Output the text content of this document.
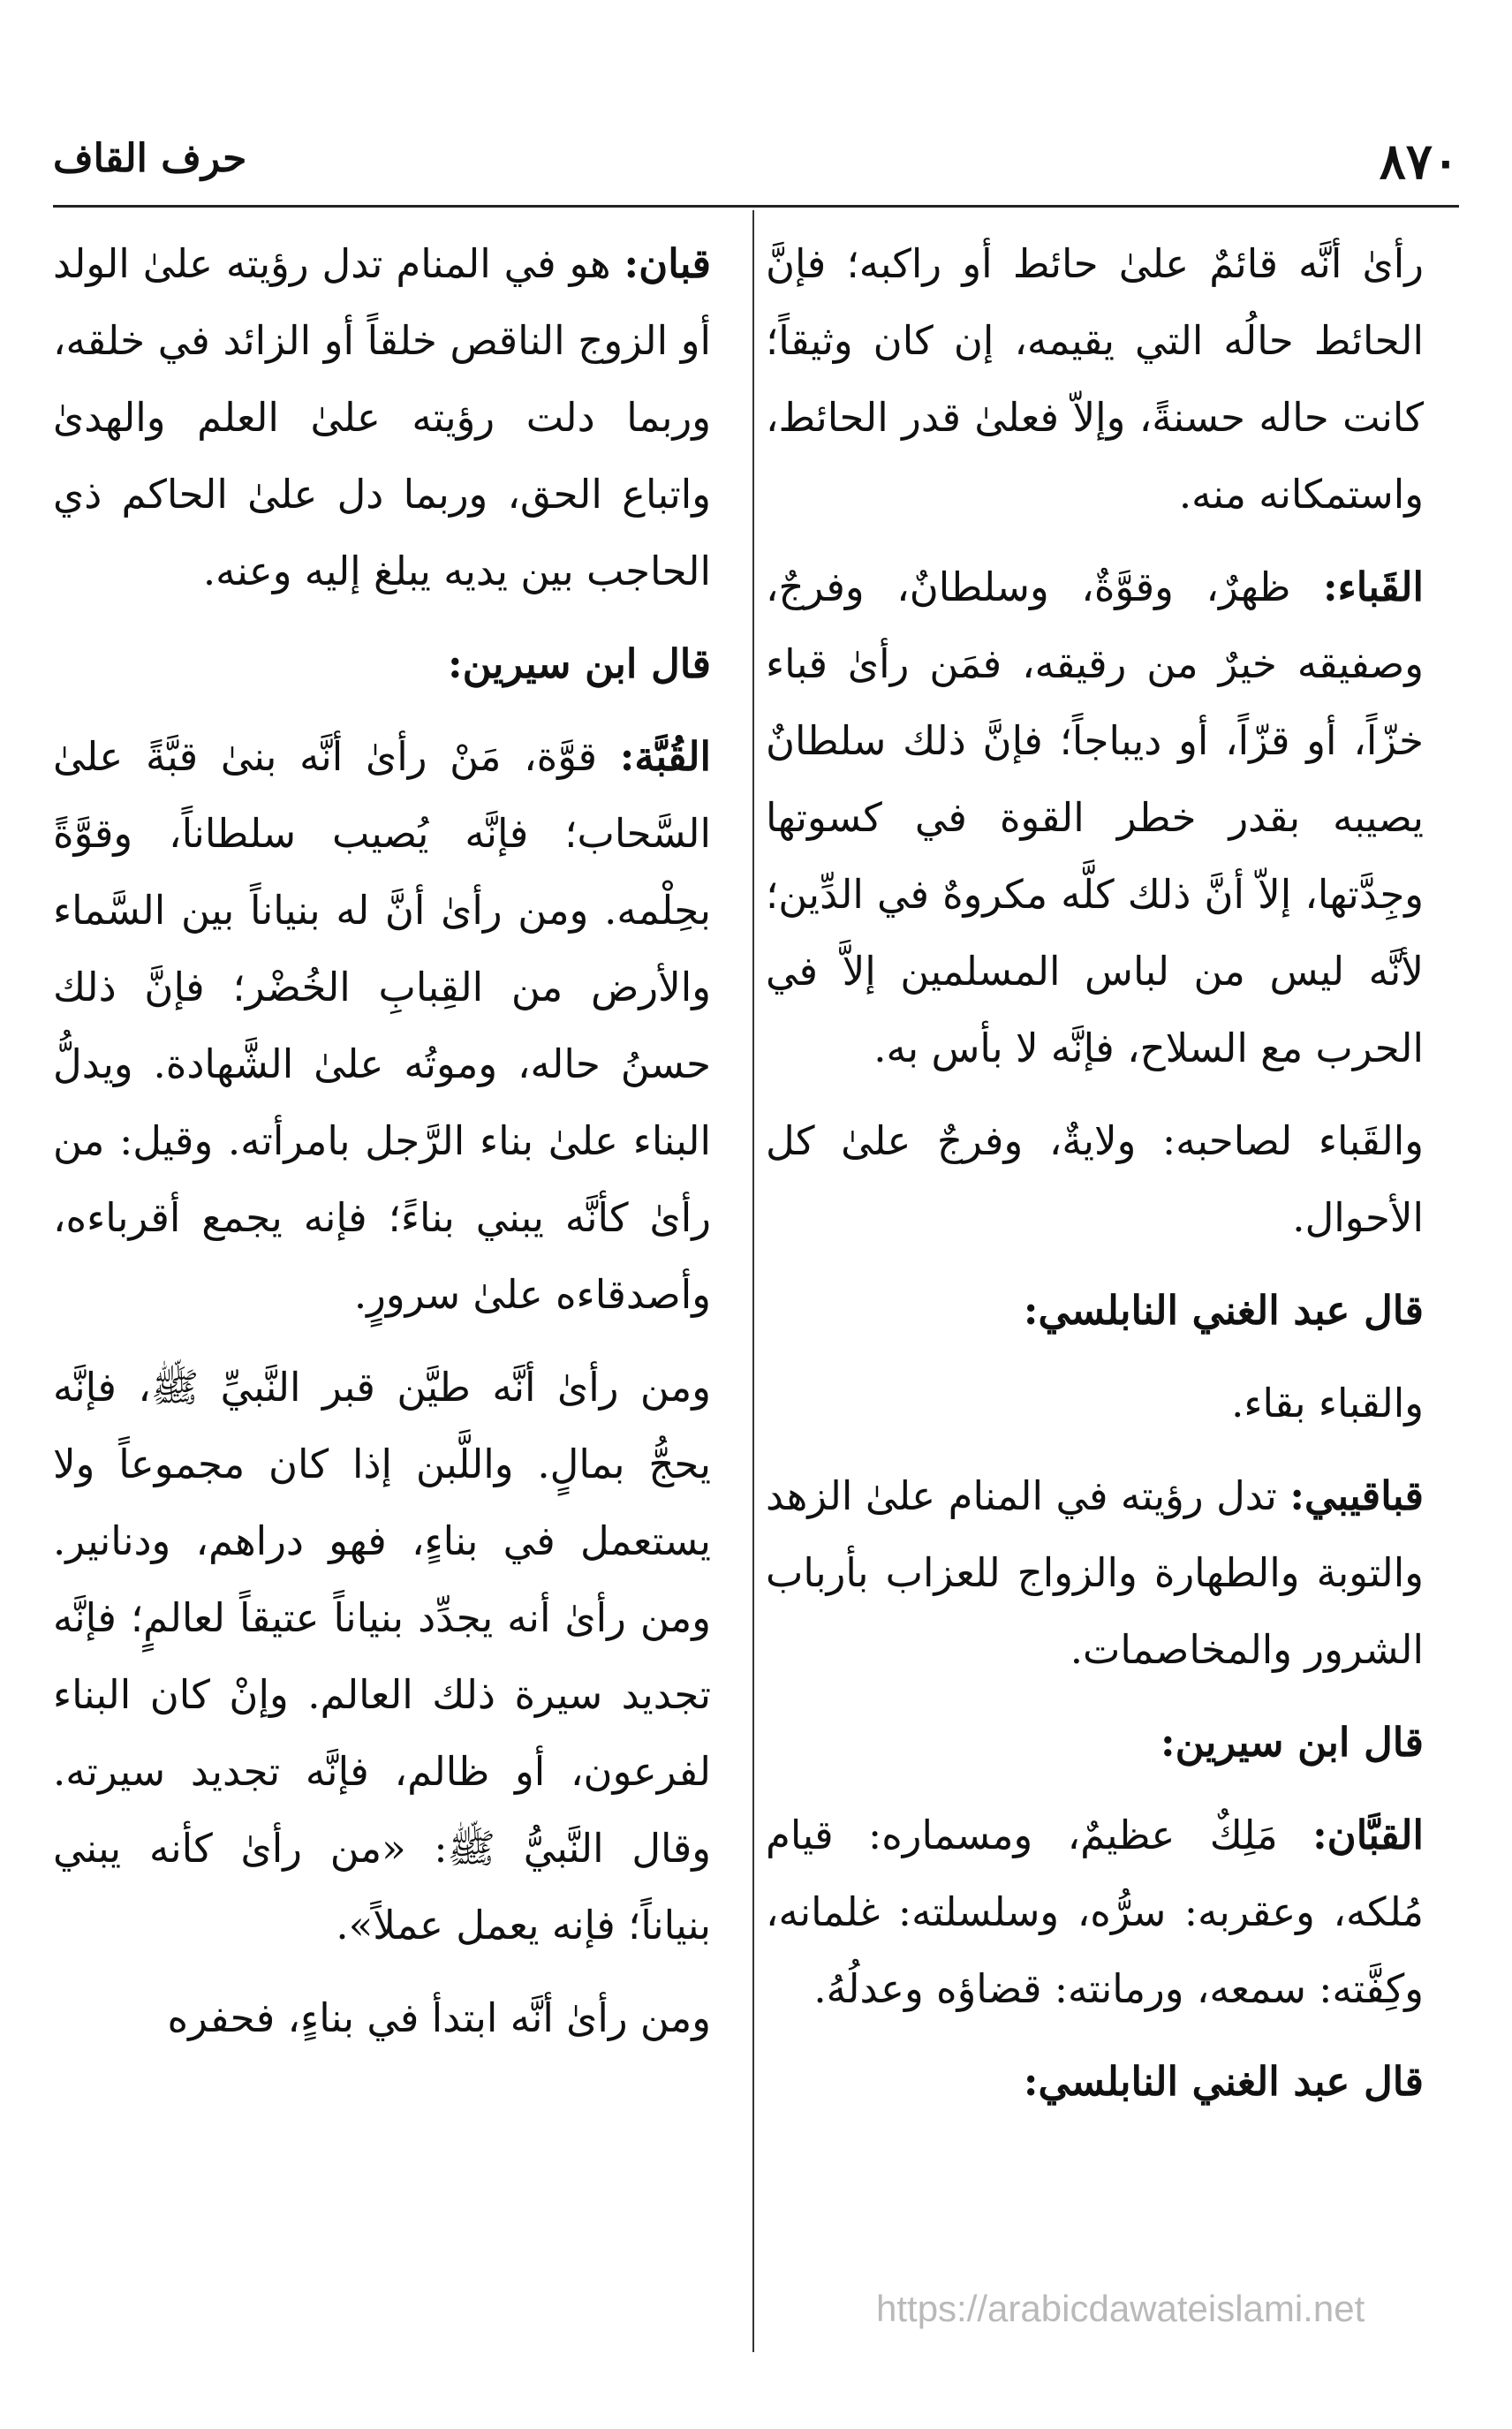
٨٧٠
حرف القاف

رأىٰ أنَّه قائمٌ علىٰ حائط أو راكبه؛ فإنَّ الحائط حالُه التي يقيمه، إن كان وثيقاً؛ كانت حاله حسنةً، وإلاّ فعلىٰ قدر الحائط، واستمكانه منه.

القَباء: ظهرٌ، وقوَّةٌ، وسلطانٌ، وفرجٌ، وصفيقه خيرٌ من رقيقه، فمَن رأىٰ قباء خزّاً، أو قزّاً، أو ديباجاً؛ فإنَّ ذلك سلطانٌ يصيبه بقدر خطر القوة في كسوتها وجِدَّتها، إلاّ أنَّ ذلك كلَّه مكروهٌ في الدِّين؛ لأنَّه ليس من لباس المسلمين إلاَّ في الحرب مع السلاح، فإنَّه لا بأس به.

والقَباء لصاحبه: ولايةٌ، وفرجٌ علىٰ كل الأحوال.

قال عبد الغني النابلسي:

والقباء بقاء.

قباقيبي: تدل رؤيته في المنام علىٰ الزهد والتوبة والطهارة والزواج للعزاب بأرباب الشرور والمخاصمات.

قال ابن سيرين:

القبَّان: مَلِكٌ عظيمٌ، ومسماره: قيام مُلكه، وعقربه: سرُّه، وسلسلته: غلمانه، وكِفَّته: سمعه، ورمانته: قضاؤه وعدلُهُ.

قال عبد الغني النابلسي:

قبان: هو في المنام تدل رؤيته علىٰ الولد أو الزوج الناقص خلقاً أو الزائد في خلقه، وربما دلت رؤيته علىٰ العلم والهدىٰ واتباع الحق، وربما دل علىٰ الحاكم ذي الحاجب بين يديه يبلغ إليه وعنه.

قال ابن سيرين:

القُبَّة: قوَّة، مَنْ رأىٰ أنَّه بنىٰ قبَّةً علىٰ السَّحاب؛ فإنَّه يُصيب سلطاناً، وقوَّةً بحِلْمه. ومن رأىٰ أنَّ له بنياناً بين السَّماء والأرض من القِبابِ الخُضْر؛ فإنَّ ذلك حسنُ حاله، وموتُه علىٰ الشَّهادة. ويدلُّ البناء علىٰ بناء الرَّجل بامرأته. وقيل: من رأىٰ كأنَّه يبني بناءً؛ فإنه يجمع أقرباءه، وأصدقاءه علىٰ سرورٍ.

ومن رأىٰ أنَّه طيَّن قبر النَّبيِّ ﷺ، فإنَّه يحجُّ بمالٍ. واللَّبن إذا كان مجموعاً ولا يستعمل في بناءٍ، فهو دراهم، ودنانير. ومن رأىٰ أنه يجدِّد بنياناً عتيقاً لعالمٍ؛ فإنَّه تجديد سيرة ذلك العالم. وإنْ كان البناء لفرعون، أو ظالم، فإنَّه تجديد سيرته. وقال النَّبيُّ ﷺ: «من رأىٰ كأنه يبني بنياناً؛ فإنه يعمل عملاً».

ومن رأىٰ أنَّه ابتدأ في بناءٍ، فحفره

https://arabicdawateislami.net
